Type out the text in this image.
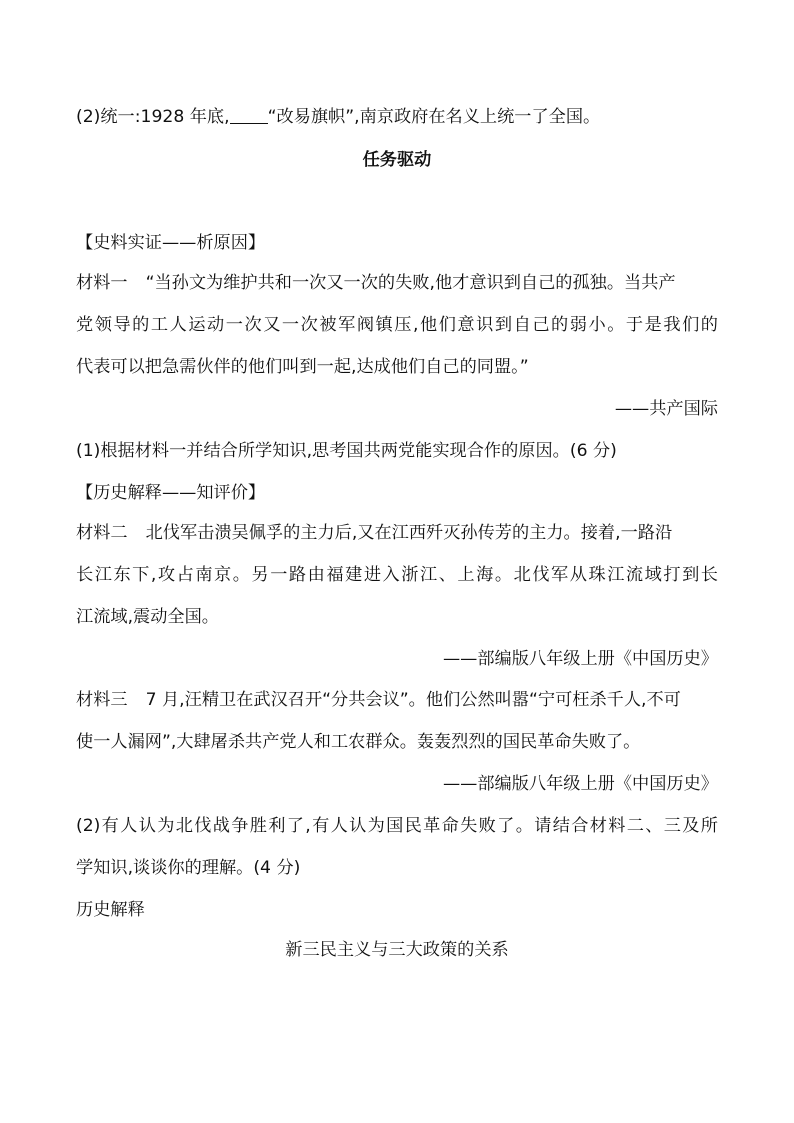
(2)统一:1928 年底, “改易旗帜”,南京政府在名义上统一了全国。
任务驱动
【史料实证——析原因】
材料一 “当孙文为维护共和一次又一次的失败,他才意识到自己的孤独。当共产
党领导的工人运动一次又一次被军阀镇压,他们意识到自己的弱小。于是我们的
代表可以把急需伙伴的他们叫到一起,达成他们自己的同盟。”
——共产国际
(1)根据材料一并结合所学知识,思考国共两党能实现合作的原因。(6 分)
【历史解释——知评价】
材料二 北伐军击溃吴佩孚的主力后,又在江西歼灭孙传芳的主力。接着,一路沿
长江东下,攻占南京。另一路由福建进入浙江、上海。北伐军从珠江流域打到长
江流域,震动全国。
——部编版八年级上册《中国历史》
材料三 7 月,汪精卫在武汉召开“分共会议”。他们公然叫嚣“宁可枉杀千人,不可
使一人漏网”,大肆屠杀共产党人和工农群众。轰轰烈烈的国民革命失败了。
——部编版八年级上册《中国历史》
(2)有人认为北伐战争胜利了,有人认为国民革命失败了。请结合材料二、三及所
学知识,谈谈你的理解。(4 分)
历史解释
新三民主义与三大政策的关系
